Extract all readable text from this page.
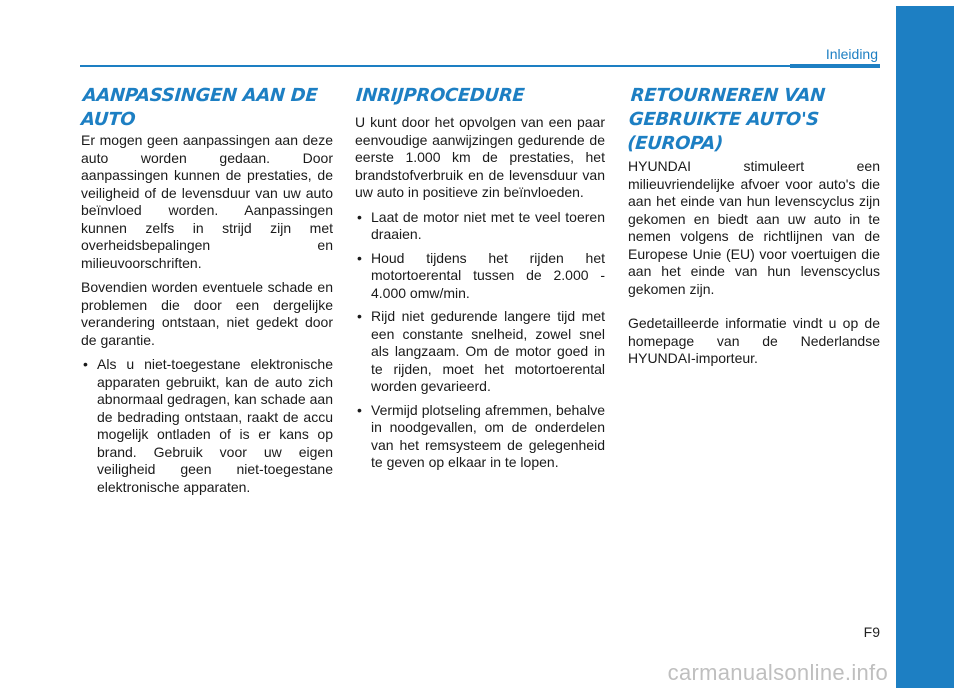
Inleiding
AANPASSINGEN AAN DE
AUTO

Er mogen geen aanpassingen aan deze auto worden gedaan. Door aanpassingen kunnen de prestaties, de veiligheid of de levensduur van uw auto beïnvloed worden. Aanpassingen kunnen zelfs in strijd zijn met overheidsbepalingen en milieuvoorschriften.

Bovendien worden eventuele schade en problemen die door een dergelijke verandering ontstaan, niet gedekt door de garantie.

• Als u niet-toegestane elektronische apparaten gebruikt, kan de auto zich abnormaal gedragen, kan schade aan de bedrading ontstaan, raakt de accu mogelijk ontladen of is er kans op brand. Gebruik voor uw eigen veiligheid geen niet-toegestane elektronische apparaten.
INRIJPROCEDURE

U kunt door het opvolgen van een paar eenvoudige aanwijzingen gedurende de eerste 1.000 km de prestaties, het brandstofverbruik en de levensduur van uw auto in positieve zin beïnvloeden.

• Laat de motor niet met te veel toeren draaien.
• Houd tijdens het rijden het motortoerental tussen de 2.000 - 4.000 omw/min.
• Rijd niet gedurende langere tijd met een constante snelheid, zowel snel als langzaam. Om de motor goed in te rijden, moet het motortoerental worden gevarieerd.
• Vermijd plotseling afremmen, behalve in noodgevallen, om de onderdelen van het remsysteem de gelegenheid te geven op elkaar in te lopen.
RETOURNEREN VAN
GEBRUIKTE AUTO'S
(EUROPA)

HYUNDAI stimuleert een milieuvriendelijke afvoer voor auto's die aan het einde van hun levenscyclus zijn gekomen en biedt aan uw auto in te nemen volgens de richtlijnen van de Europese Unie (EU) voor voertuigen die aan het einde van hun levenscyclus gekomen zijn.

Gedetailleerde informatie vindt u op de homepage van de Nederlandse HYUNDAI-importeur.

F9
carmanualsonline.info
